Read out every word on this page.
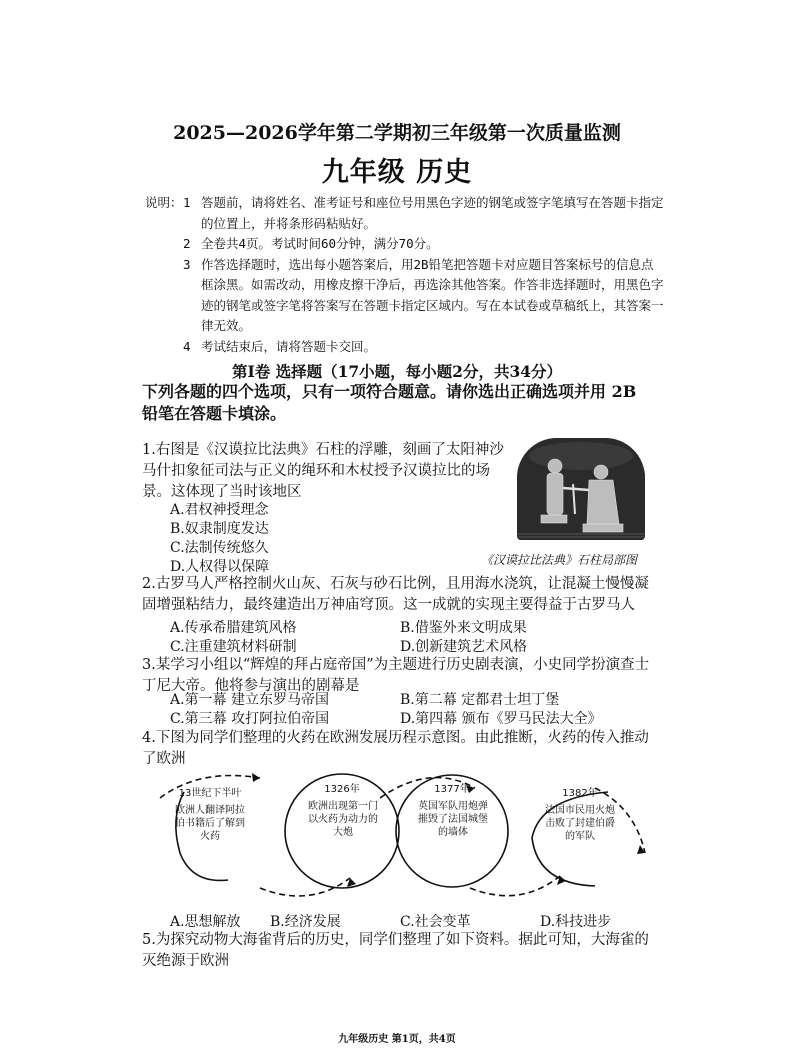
2025—2026学年第二学期初三年级第一次质量监测
九年级 历史
说明： 1 答题前，请将姓名、准考证号和座位号用黑色字迹的钢笔或签字笔填写在答题卡指定的位置上，并将条形码粘贴好。
2 全卷共4页。考试时间60分钟，满分70分。
3 作答选择题时，选出每小题答案后，用2B铅笔把答题卡对应题目答案标号的信息点框涂黑。如需改动，用橡皮擦干净后，再选涂其他答案。作答非选择题时，用黑色字迹的钢笔或签字笔将答案写在答题卡指定区域内。写在本试卷或草稿纸上，其答案一律无效。
4 考试结束后，请将答题卡交回。
第Ⅰ卷 选择题（17小题，每小题2分，共34分）
下列各题的四个选项，只有一项符合题意。请你选出正确选项并用 2B 铅笔在答题卡填涂。
1.右图是《汉谟拉比法典》石柱的浮雕，刻画了太阳神沙马什扣象征司法与正义的绳环和木杖授予汉谟拉比的场景。这体现了当时该地区
A.君权神授理念
B.奴隶制度发达
C.法制传统悠久
D.人权得以保障	《汉谟拉比法典》石柱局部图
2.古罗马人严格控制火山灰、石灰与砂石比例，且用海水浇筑，让混凝土慢慢凝固增强粘结力，最终建造出万神庙穹顶。这一成就的实现主要得益于古罗马人
A.传承希腊建筑风格	B.借鉴外来文明成果
C.注重建筑材料研制	D.创新建筑艺术风格
3.某学习小组以“辉煌的拜占庭帝国”为主题进行历史剧表演，小史同学扮演查士丁尼大帝。他将参与演出的剧幕是
A.第一幕 建立东罗马帝国	B.第二幕 定都君士坦丁堡
C.第三幕 攻打阿拉伯帝国	D.第四幕 颁布《罗马民法大全》
4.下图为同学们整理的火药在欧洲发展历程示意图。由此推断，火药的传入推动了欧洲
13世纪下半叶
欧洲人翻译阿拉伯书籍后了解到火药
1326年
欧洲出现第一门以火药为动力的大炮
1377年
英国军队用炮弹摧毁了法国城堡的墙体
1382年
法国市民用火炮击败了封建伯爵的军队
A.思想解放 B.经济发展	C.社会变革	D.科技进步
5.为探究动物大海雀背后的历史，同学们整理了如下资料。据此可知，大海雀的灭绝源于欧洲
九年级历史 第1页，共4页
